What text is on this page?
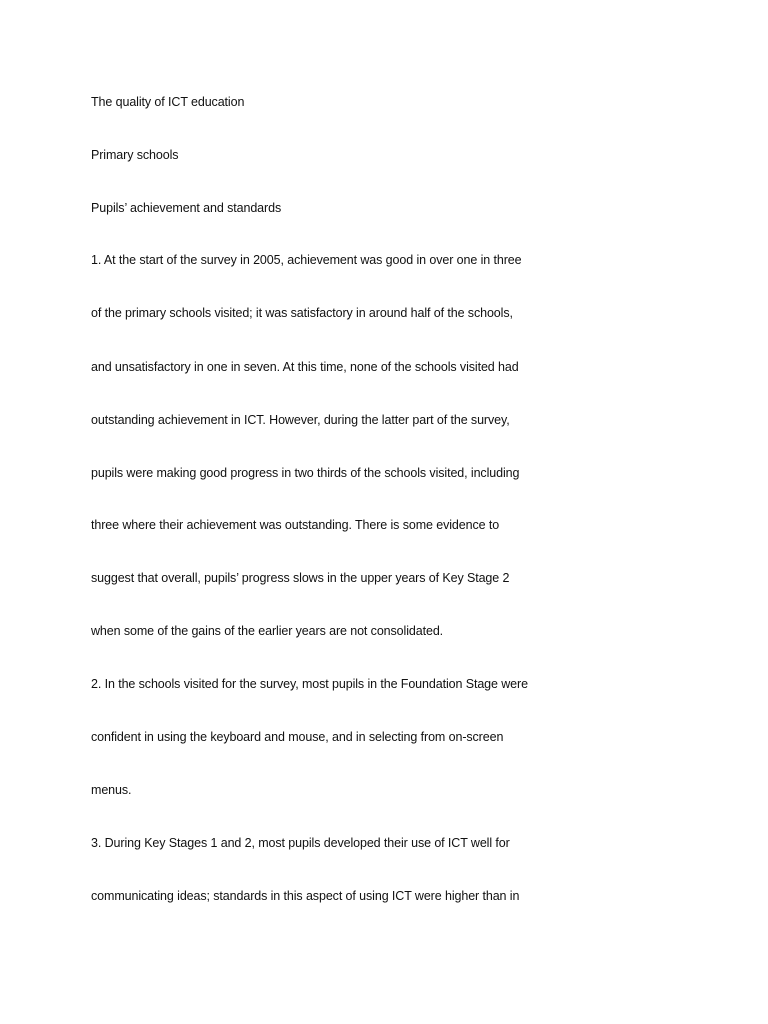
The quality of ICT education
Primary schools
Pupils’ achievement and standards
1. At the start of the survey in 2005, achievement was good in over one in three
of the primary schools visited; it was satisfactory in around half of the schools,
and unsatisfactory in one in seven. At this time, none of the schools visited had
outstanding achievement in ICT. However, during the latter part of the survey,
pupils were making good progress in two thirds of the schools visited, including
three where their achievement was outstanding. There is some evidence to
suggest that overall, pupils’ progress slows in the upper years of Key Stage 2
when some of the gains of the earlier years are not consolidated.
2. In the schools visited for the survey, most pupils in the Foundation Stage were
confident in using the keyboard and mouse, and in selecting from on-screen
menus.
3. During Key Stages 1 and 2, most pupils developed their use of ICT well for
communicating ideas; standards in this aspect of using ICT were higher than in
